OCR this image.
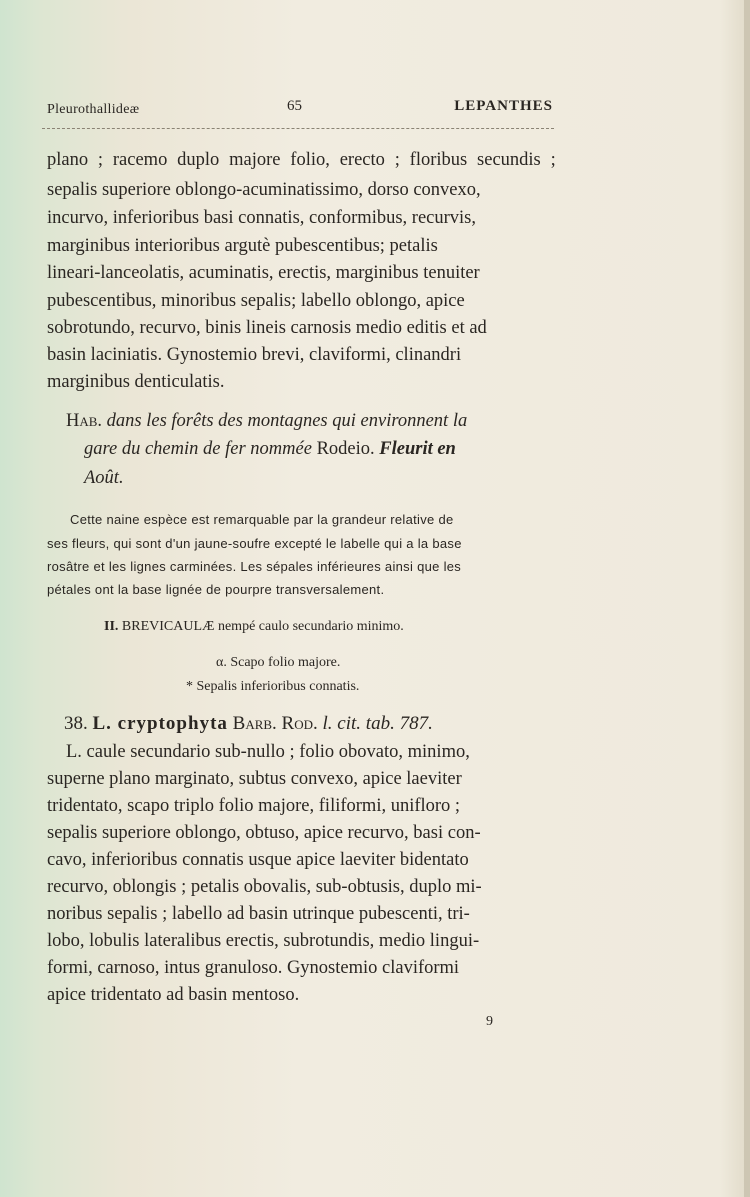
Pleurothallideæ	65	LEPANTHES
plano ; racemo duplo majore folio, erecto ; floribus secundis ;
sepalis superiore oblongo-acuminatissimo, dorso convexo,
incurvo, inferioribus basi connatis, conformibus, recurvis,
marginibus interioribus argutè pubescentibus; petalis
lineari-lanceolatis, acuminatis, erectis, marginibus tenuiter
pubescentibus, minoribus sepalis; labello oblongo, apice
sobrotundo, recurvo, binis lineis carnosis medio editis et ad
basin laciniatis. Gynostemio brevi, claviformi, clinandri
marginibus denticulatis.
Hab. dans les forêts des montagnes qui environnent la
gare du chemin de fer nommée Rodeio. Fleurit en
Août.
Cette naine espèce est remarquable par la grandeur relative de
ses fleurs, qui sont d'un jaune-soufre excepté le labelle qui a la base
rosâtre et les lignes carminées. Les sépales inférieures ainsi que les
pétales ont la base lignée de pourpre transversalement.
II. BREVICAULÆ nempé caulo secundario minimo.
α. Scapo folio majore.
* Sepalis inferioribus connatis.
38. L. cryptophyta Barb. Rod. l. cit. tab. 787.
L. caule secundario sub-nullo ; folio obovato, minimo,
superne plano marginato, subtus convexo, apice laeviter
tridentato, scapo triplo folio majore, filiformi, unifloro ;
sepalis superiore oblongo, obtuso, apice recurvo, basi con-
cavo, inferioribus connatis usque apice laeviter bidentato
recurvo, oblongis ; petalis obovalis, sub-obtusis, duplo mi-
noribus sepalis ; labello ad basin utrinque pubescenti, tri-
lobo, lobulis lateralibus erectis, subrotundis, medio lingui-
formi, carnoso, intus granuloso. Gynostemio claviformi
apice tridentato ad basin mentoso.
9
